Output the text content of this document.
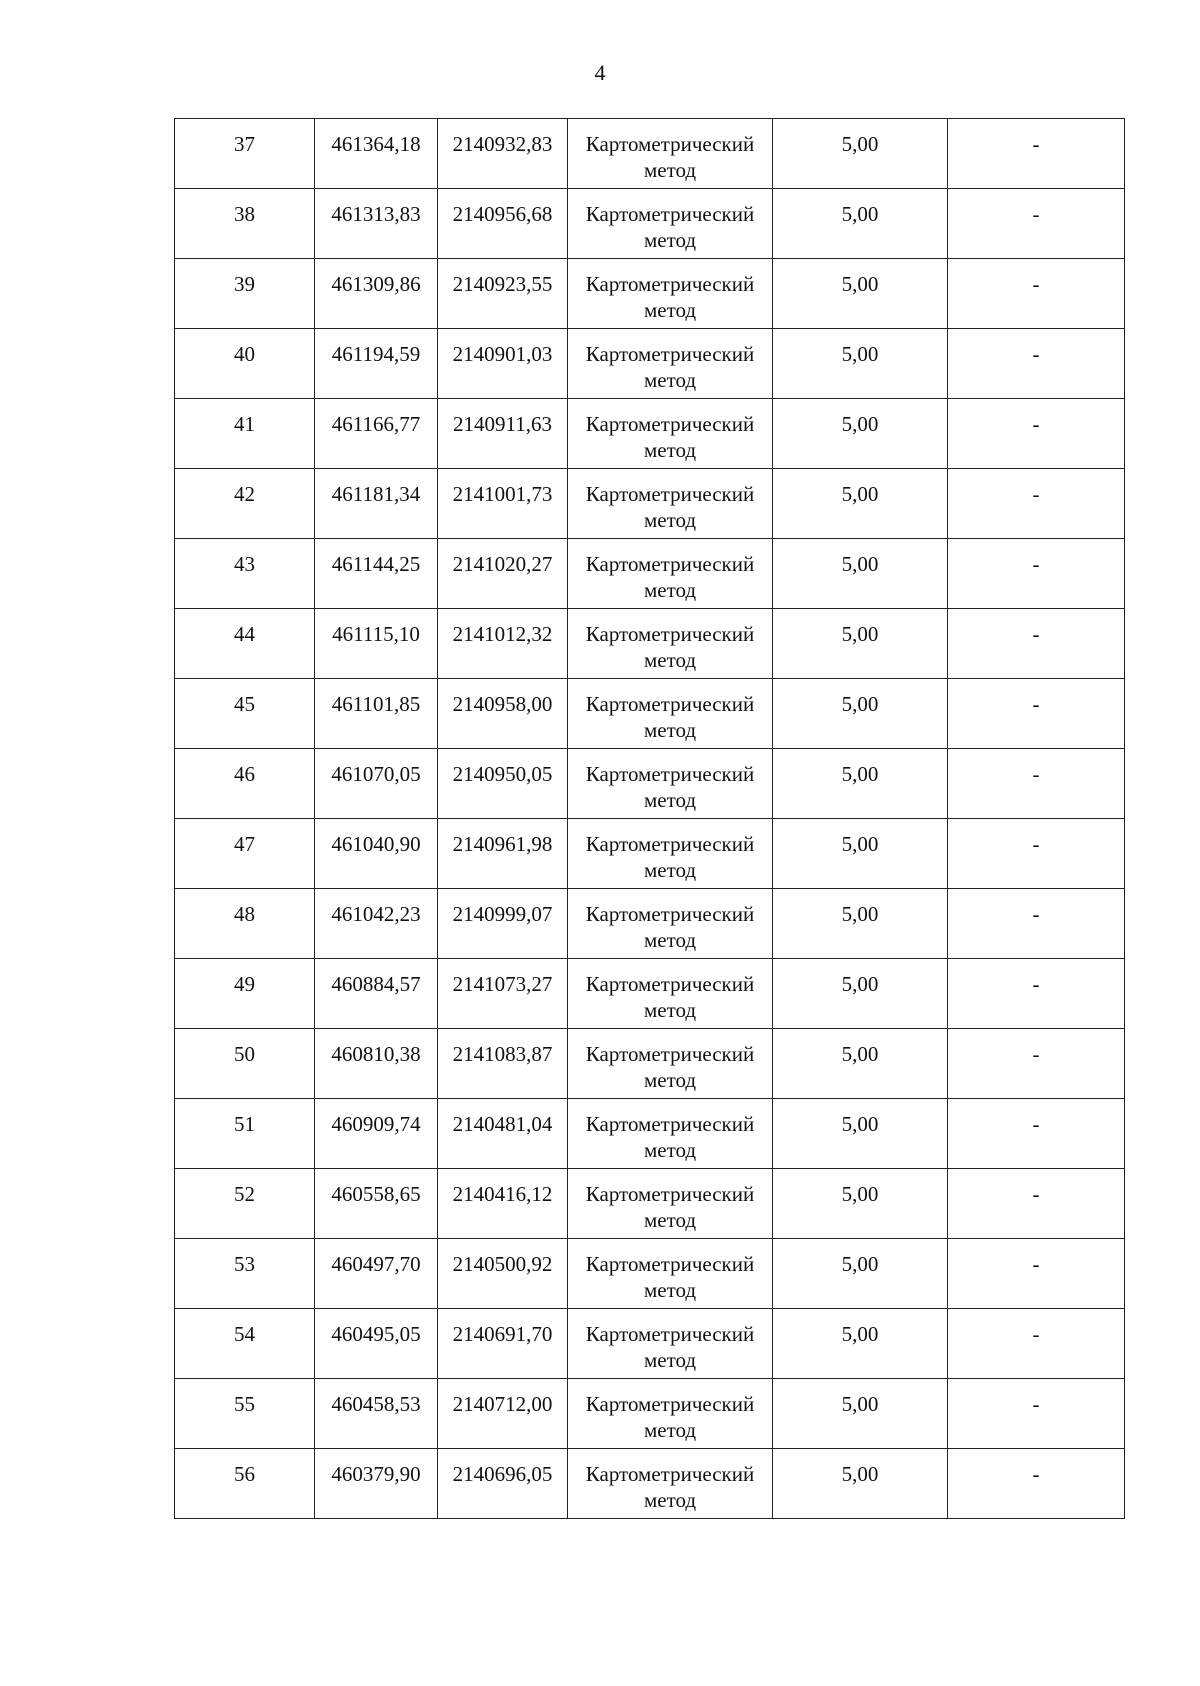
4
37	461364,18	2140932,83	Картометрический метод	5,00	-
38	461313,83	2140956,68	Картометрический метод	5,00	-
39	461309,86	2140923,55	Картометрический метод	5,00	-
40	461194,59	2140901,03	Картометрический метод	5,00	-
41	461166,77	2140911,63	Картометрический метод	5,00	-
42	461181,34	2141001,73	Картометрический метод	5,00	-
43	461144,25	2141020,27	Картометрический метод	5,00	-
44	461115,10	2141012,32	Картометрический метод	5,00	-
45	461101,85	2140958,00	Картометрический метод	5,00	-
46	461070,05	2140950,05	Картометрический метод	5,00	-
47	461040,90	2140961,98	Картометрический метод	5,00	-
48	461042,23	2140999,07	Картометрический метод	5,00	-
49	460884,57	2141073,27	Картометрический метод	5,00	-
50	460810,38	2141083,87	Картометрический метод	5,00	-
51	460909,74	2140481,04	Картометрический метод	5,00	-
52	460558,65	2140416,12	Картометрический метод	5,00	-
53	460497,70	2140500,92	Картометрический метод	5,00	-
54	460495,05	2140691,70	Картометрический метод	5,00	-
55	460458,53	2140712,00	Картометрический метод	5,00	-
56	460379,90	2140696,05	Картометрический метод	5,00	-
